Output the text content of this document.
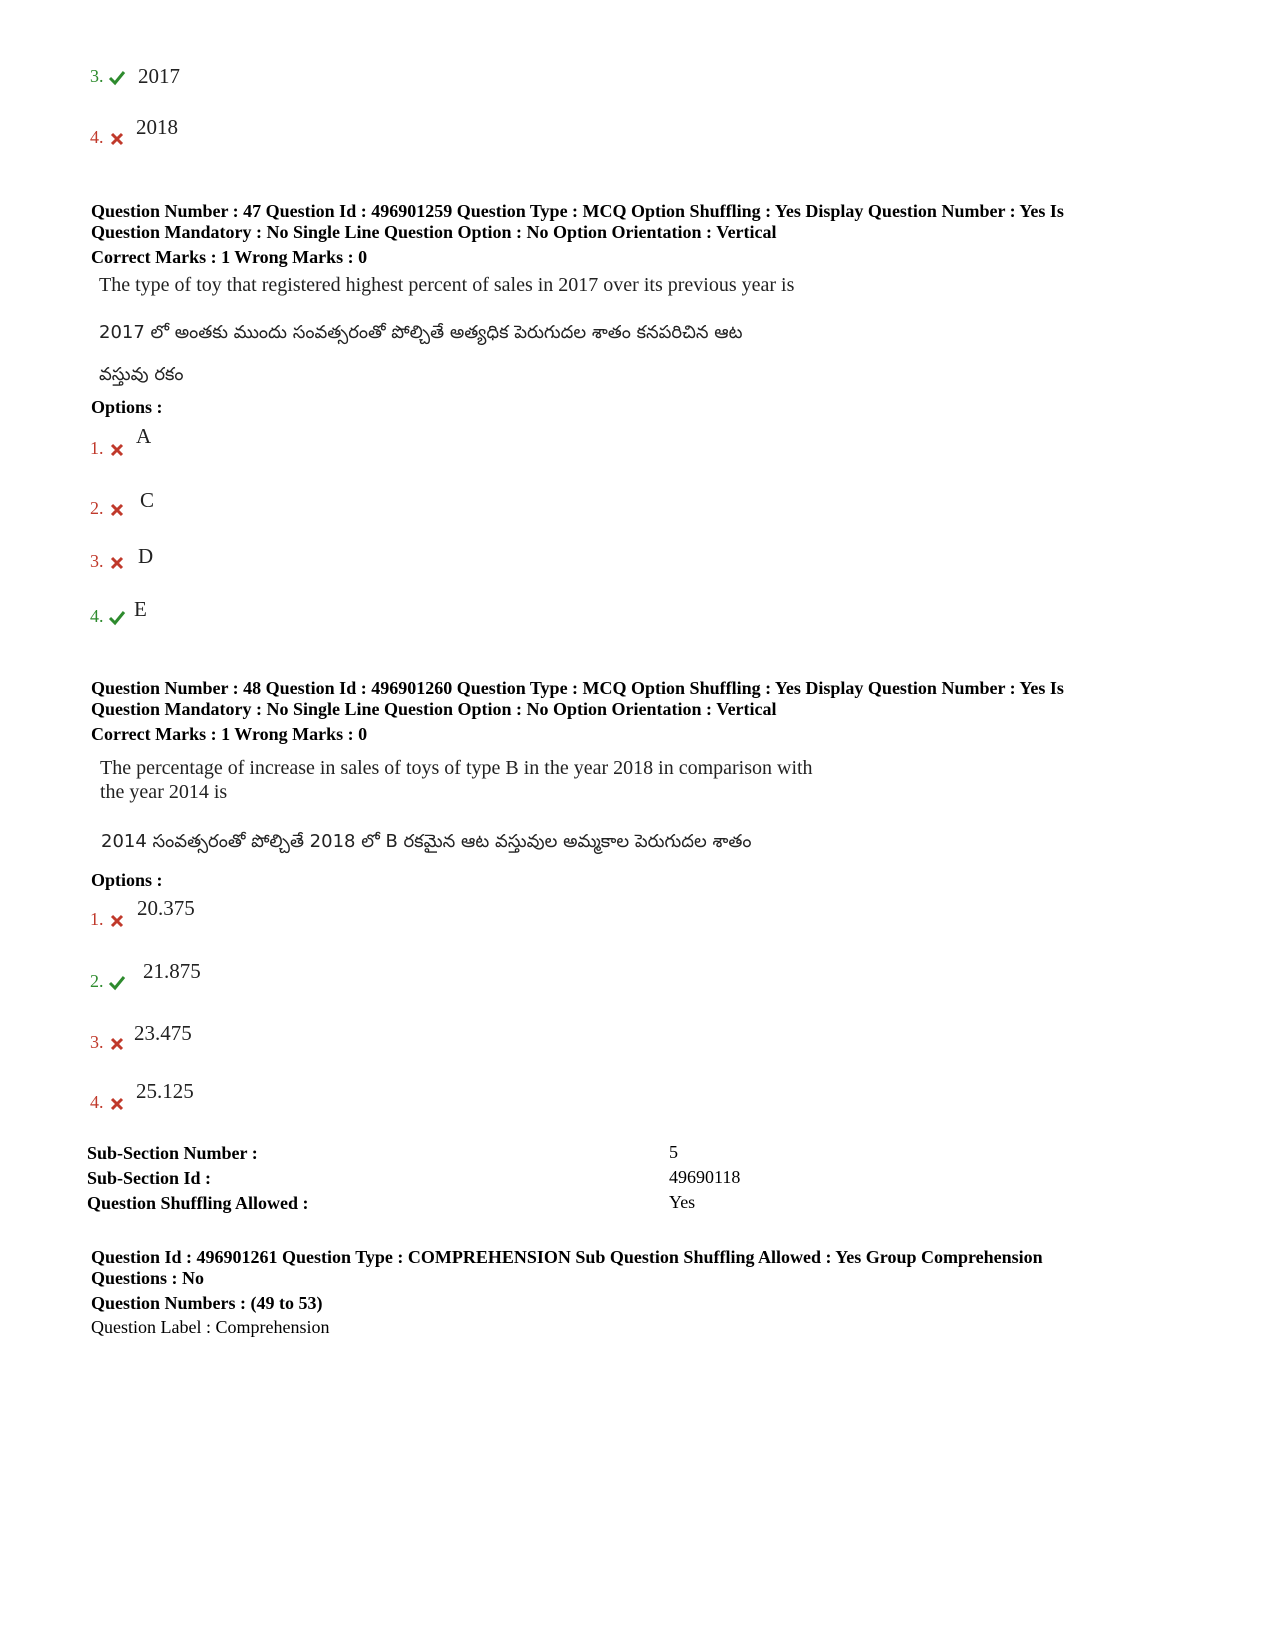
3.	2017
4.	2018
Question Number : 47 Question Id : 496901259 Question Type : MCQ Option Shuffling : Yes Display Question Number : Yes Is
Question Mandatory : No Single Line Question Option : No Option Orientation : Vertical
Correct Marks : 1 Wrong Marks : 0
The type of toy that registered highest percent of sales in 2017 over its previous year is
2017 లో అంతకు ముందు సంవత్సరంతో పోల్చితే అత్యధిక పెరుగుదల శాతం కనపరిచిన ఆట
వస్తువు రకం
Options :
1.	A
2.	C
3.	D
4.	E
Question Number : 48 Question Id : 496901260 Question Type : MCQ Option Shuffling : Yes Display Question Number : Yes Is
Question Mandatory : No Single Line Question Option : No Option Orientation : Vertical
Correct Marks : 1 Wrong Marks : 0
The percentage of increase in sales of toys of type B in the year 2018 in comparison with
the year 2014 is
2014 సంవత్సరంతో పోల్చితే 2018 లో B రకమైన ఆట వస్తువుల అమ్మకాల పెరుగుదల శాతం
Options :
1.	20.375
2.	21.875
3.	23.475
4.	25.125
Sub-Section Number :	5
Sub-Section Id :	49690118
Question Shuffling Allowed :	Yes
Question Id : 496901261 Question Type : COMPREHENSION Sub Question Shuffling Allowed : Yes Group Comprehension
Questions : No
Question Numbers : (49 to 53)
Question Label : Comprehension
